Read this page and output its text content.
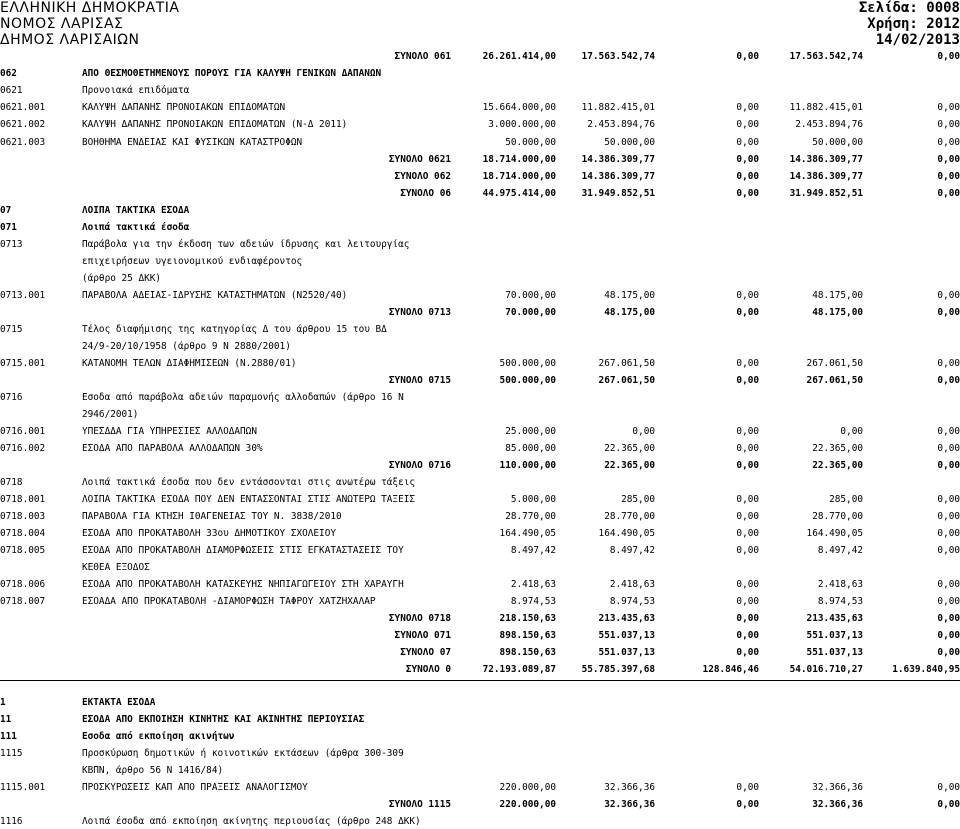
ΕΛΛΗΝΙΚΗ ΔΗΜΟΚΡΑΤΙΑ	Σελίδα: 0008
ΝΟΜΟΣ ΛΑΡΙΣΑΣ	Χρήση: 2012
ΔΗΜΟΣ ΛΑΡΙΣΑΙΩΝ	14/02/2013
ΣΥΝΟΛΟ 061	26.261.414,00	17.563.542,74	0,00	17.563.542,74	0,00
062	ΑΠΟ ΘΕΣΜΟΘΕΤΗΜΕΝΟΥΣ ΠΟΡΟΥΣ ΓΙΑ ΚΑΛΥΨΗ ΓΕΝΙΚΩΝ ΔΑΠΑΝΩΝ
0621	Προνοιακά επιδόματα
0621.001	ΚΑΛΥΨΗ ΔΑΠΑΝΗΣ ΠΡΟΝΟΙΑΚΩΝ ΕΠΙΔΟΜΑΤΩΝ	15.664.000,00	11.882.415,01	0,00	11.882.415,01	0,00
0621.002	ΚΑΛΥΨΗ ΔΑΠΑΝΗΣ ΠΡΟΝΟΙΑΚΩΝ ΕΠΙΔΟΜΑΤΩΝ (Ν-Δ 2011)	3.000.000,00	2.453.894,76	0,00	2.453.894,76	0,00
0621.003	ΒΟΗΘΗΜΑ ΕΝΔΕΙΑΣ ΚΑΙ ΦΥΣΙΚΩΝ ΚΑΤΑΣΤΡΟΦΩΝ	50.000,00	50.000,00	0,00	50.000,00	0,00
ΣΥΝΟΛΟ 0621	18.714.000,00	14.386.309,77	0,00	14.386.309,77	0,00
ΣΥΝΟΛΟ 062	18.714.000,00	14.386.309,77	0,00	14.386.309,77	0,00
ΣΥΝΟΛΟ 06	44.975.414,00	31.949.852,51	0,00	31.949.852,51	0,00
07	ΛΟΙΠΑ ΤΑΚΤΙΚΑ ΕΣΟΔΑ
071	Λοιπά τακτικά έσοδα
0713	Παράβολα για την έκδοση των αδειών ίδρυσης και λειτουργίας
επιχειρήσεων υγειονομικού ενδιαφέροντος
(άρθρο 25 ΔΚΚ)
0713.001	ΠΑΡΑΒΟΛΑ ΑΔΕΙΑΣ-ΙΔΡΥΣΗΣ ΚΑΤΑΣΤΗΜΑΤΩΝ (Ν2520/40)	70.000,00	48.175,00	0,00	48.175,00	0,00
ΣΥΝΟΛΟ 0713	70.000,00	48.175,00	0,00	48.175,00	0,00
0715	Τέλος διαφήμισης της κατηγορίας Δ του άρθρου 15 του ΒΔ
24/9-20/10/1958 (άρθρο 9 Ν 2880/2001)
0715.001	ΚΑΤΑΝΟΜΗ ΤΕΛΩΝ ΔΙΑΦΗΜΙΣΕΩΝ (Ν.2880/01)	500.000,00	267.061,50	0,00	267.061,50	0,00
ΣΥΝΟΛΟ 0715	500.000,00	267.061,50	0,00	267.061,50	0,00
0716	Εσοδα από παράβολα αδειών παραμονής αλλοδαπών (άρθρο 16 Ν
2946/2001)
0716.001	ΥΠΕΣΔΔΑ ΓΙΑ ΥΠΗΡΕΣΙΕΣ ΑΛΛΟΔΑΠΩΝ	25.000,00	0,00	0,00	0,00	0,00
0716.002	ΕΣΟΔΑ ΑΠΟ ΠΑΡΑΒΟΛΑ ΑΛΛΟΔΑΠΩΝ 30%	85.000,00	22.365,00	0,00	22.365,00	0,00
ΣΥΝΟΛΟ 0716	110.000,00	22.365,00	0,00	22.365,00	0,00
0718	Λοιπά τακτικά έσοδα που δεν εντάσσονται στις ανωτέρω τάξεις
0718.001	ΛΟΙΠΑ ΤΑΚΤΙΚΑ ΕΣΟΔΑ ΠΟΥ ΔΕΝ ΕΝΤΑΣΣΟΝΤΑΙ ΣΤΙΣ ΑΝΩΤΕΡΩ ΤΑΞΕΙΣ	5.000,00	285,00	0,00	285,00	0,00
0718.003	ΠΑΡΑΒΟΛΑ ΓΙΑ ΚΤΗΣΗ ΙΘΑΓΕΝΕΙΑΣ ΤΟΥ Ν. 3838/2010	28.770,00	28.770,00	0,00	28.770,00	0,00
0718.004	ΕΣΟΔΑ ΑΠΟ ΠΡΟΚΑΤΑΒΟΛΗ 33ου ΔΗΜΟΤΙΚΟΥ ΣΧΟΛΕΙΟΥ	164.490,05	164.490,05	0,00	164.490,05	0,00
0718.005	ΕΣΟΔΑ ΑΠΟ ΠΡΟΚΑΤΑΒΟΛΗ ΔΙΑΜΟΡΦΩΣΕΙΣ ΣΤΙΣ ΕΓΚΑΤΑΣΤΑΣΕΙΣ ΤΟΥ	8.497,42	8.497,42	0,00	8.497,42	0,00
ΚΕΘΕΑ ΕΞΟΔΟΣ
0718.006	ΕΣΟΔΑ ΑΠΟ ΠΡΟΚΑΤΑΒΟΛΗ ΚΑΤΑΣΚΕΥΗΣ ΝΗΠΙΑΓΩΓΕΙΟΥ ΣΤΗ ΧΑΡΑΥΓΗ	2.418,63	2.418,63	0,00	2.418,63	0,00
0718.007	ΕΣΟΑΔΑ ΑΠΟ ΠΡΟΚΑΤΑΒΟΛΗ -ΔΙΑΜΟΡΦΩΣΗ ΤΑΦΡΟΥ ΧΑΤΖΗΧΑΛΑΡ	8.974,53	8.974,53	0,00	8.974,53	0,00
ΣΥΝΟΛΟ 0718	218.150,63	213.435,63	0,00	213.435,63	0,00
ΣΥΝΟΛΟ 071	898.150,63	551.037,13	0,00	551.037,13	0,00
ΣΥΝΟΛΟ 07	898.150,63	551.037,13	0,00	551.037,13	0,00
ΣΥΝΟΛΟ 0	72.193.089,87	55.785.397,68	128.846,46	54.016.710,27	1.639.840,95
1	ΕΚΤΑΚΤΑ ΕΣΟΔΑ
11	ΕΣΟΔΑ ΑΠΟ ΕΚΠΟΙΗΣΗ ΚΙΝΗΤΗΣ ΚΑΙ ΑΚΙΝΗΤΗΣ ΠΕΡΙΟΥΣΙΑΣ
111	Εσοδα από εκποίηση ακινήτων
1115	Προσκύρωση δημοτικών ή κοινοτικών εκτάσεων (άρθρα 300-309
ΚΒΠΝ, άρθρο 56 Ν 1416/84)
1115.001	ΠΡΟΣΚΥΡΩΣΕΙΣ ΚΑΠ ΑΠΟ ΠΡΑΞΕΙΣ ΑΝΑΛΟΓΙΣΜΟΥ	220.000,00	32.366,36	0,00	32.366,36	0,00
ΣΥΝΟΛΟ 1115	220.000,00	32.366,36	0,00	32.366,36	0,00
1116	Λοιπά έσοδα από εκποίηση ακίνητης περιουσίας (άρθρο 248 ΔΚΚ)
